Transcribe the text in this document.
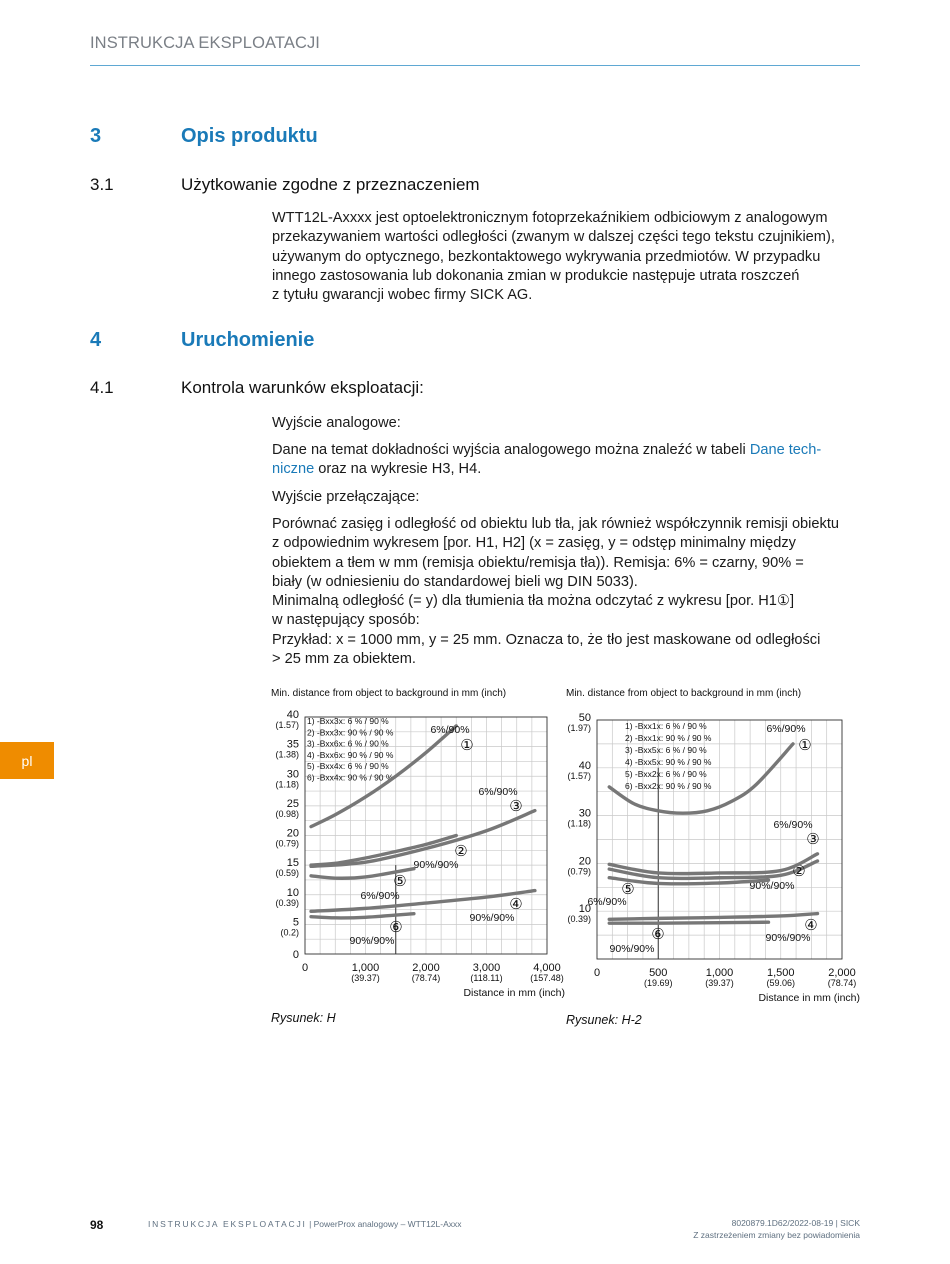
INSTRUKCJA EKSPLOATACJI
3	Opis produktu
3.1	Użytkowanie zgodne z przeznaczeniem
WTT12L-Axxxx jest optoelektronicznym fotoprzekaźnikiem odbiciowym z analogowym
przekazywaniem wartości odległości (zwanym w dalszej części tego tekstu czujnikiem),
używanym do optycznego, bezkontaktowego wykrywania przedmiotów. W przypadku
innego zastosowania lub dokonania zmian w produkcie następuje utrata roszczeń
z tytułu gwarancji wobec firmy SICK AG.
4	Uruchomienie
4.1	Kontrola warunków eksploatacji:
Wyjście analogowe:
Dane na temat dokładności wyjścia analogowego można znaleźć w tabeli Dane tech‑
niczne oraz na wykresie H3, H4.
Wyjście przełączające:
Porównać zasięg i odległość od obiektu lub tła, jak również współczynnik remisji obiektu
z odpowiednim wykresem [por. H1, H2] (x = zasięg, y = odstęp minimalny między
obiektem a tłem w mm (remisja obiektu/remisja tła)). Remisja: 6% = czarny, 90% =
biały (w odniesieniu do standardowej bieli wg DIN 5033).
Minimalną odległość (= y) dla tłumienia tła można odczytać z wykresu [por. H1①]
w następujący sposób:
Przykład: x = 1000 mm, y = 25 mm. Oznacza to, że tło jest maskowane od odległości
> 25 mm za obiektem.
pl
Min. distance from object to background in mm (inch)
0
5
(0.2)
10
(0.39)
15
(0.59)
20
(0.79)
25
(0.98)
30
(1.18)
35
(1.38)
40
(1.57)
0	1,000
(39.37)
2,000
(78.74)
3,000
(118.11)
4,000
(157.48)
Distance in mm (inch)
1) -Bxx3x: 6 % / 90 %
2) -Bxx3x: 90 % / 90 %
3) -Bxx6x: 6 % / 90 %
4) -Bxx6x: 90 % / 90 %
5) -Bxx4x: 6 % / 90 %
6) -Bxx4x: 90 % / 90 %
①
6%/90%
②
90%/90%
③
6%/90%
④
90%/90%
⑤
6%/90%
⑥
90%/90%
Rysunek: H
Min. distance from object to background in mm (inch)
10
(0.39)
20
(0.79)
30
(1.18)
40
(1.57)
50
(1.97)
0	500
(19.69)
1,000
(39.37)
1,500
(59.06)
2,000
(78.74)
Distance in mm (inch)
1) -Bxx1x: 6 % / 90 %
2) -Bxx1x: 90 % / 90 %
3) -Bxx5x: 6 % / 90 %
4) -Bxx5x: 90 % / 90 %
5) -Bxx2x: 6 % / 90 %
6) -Bxx2x: 90 % / 90 %
①
6%/90%
②
90%/90%
③
6%/90%
④
90%/90%
⑤
6%/90%
⑥
90%/90%
Rysunek: H-2
98	INSTRUKCJA EKSPLOATACJI | PowerProx analogowy – WTT12L-Axxx	8020879.1D62/2022-08-19 | SICK
Z zastrzeżeniem zmiany bez powiadomienia
